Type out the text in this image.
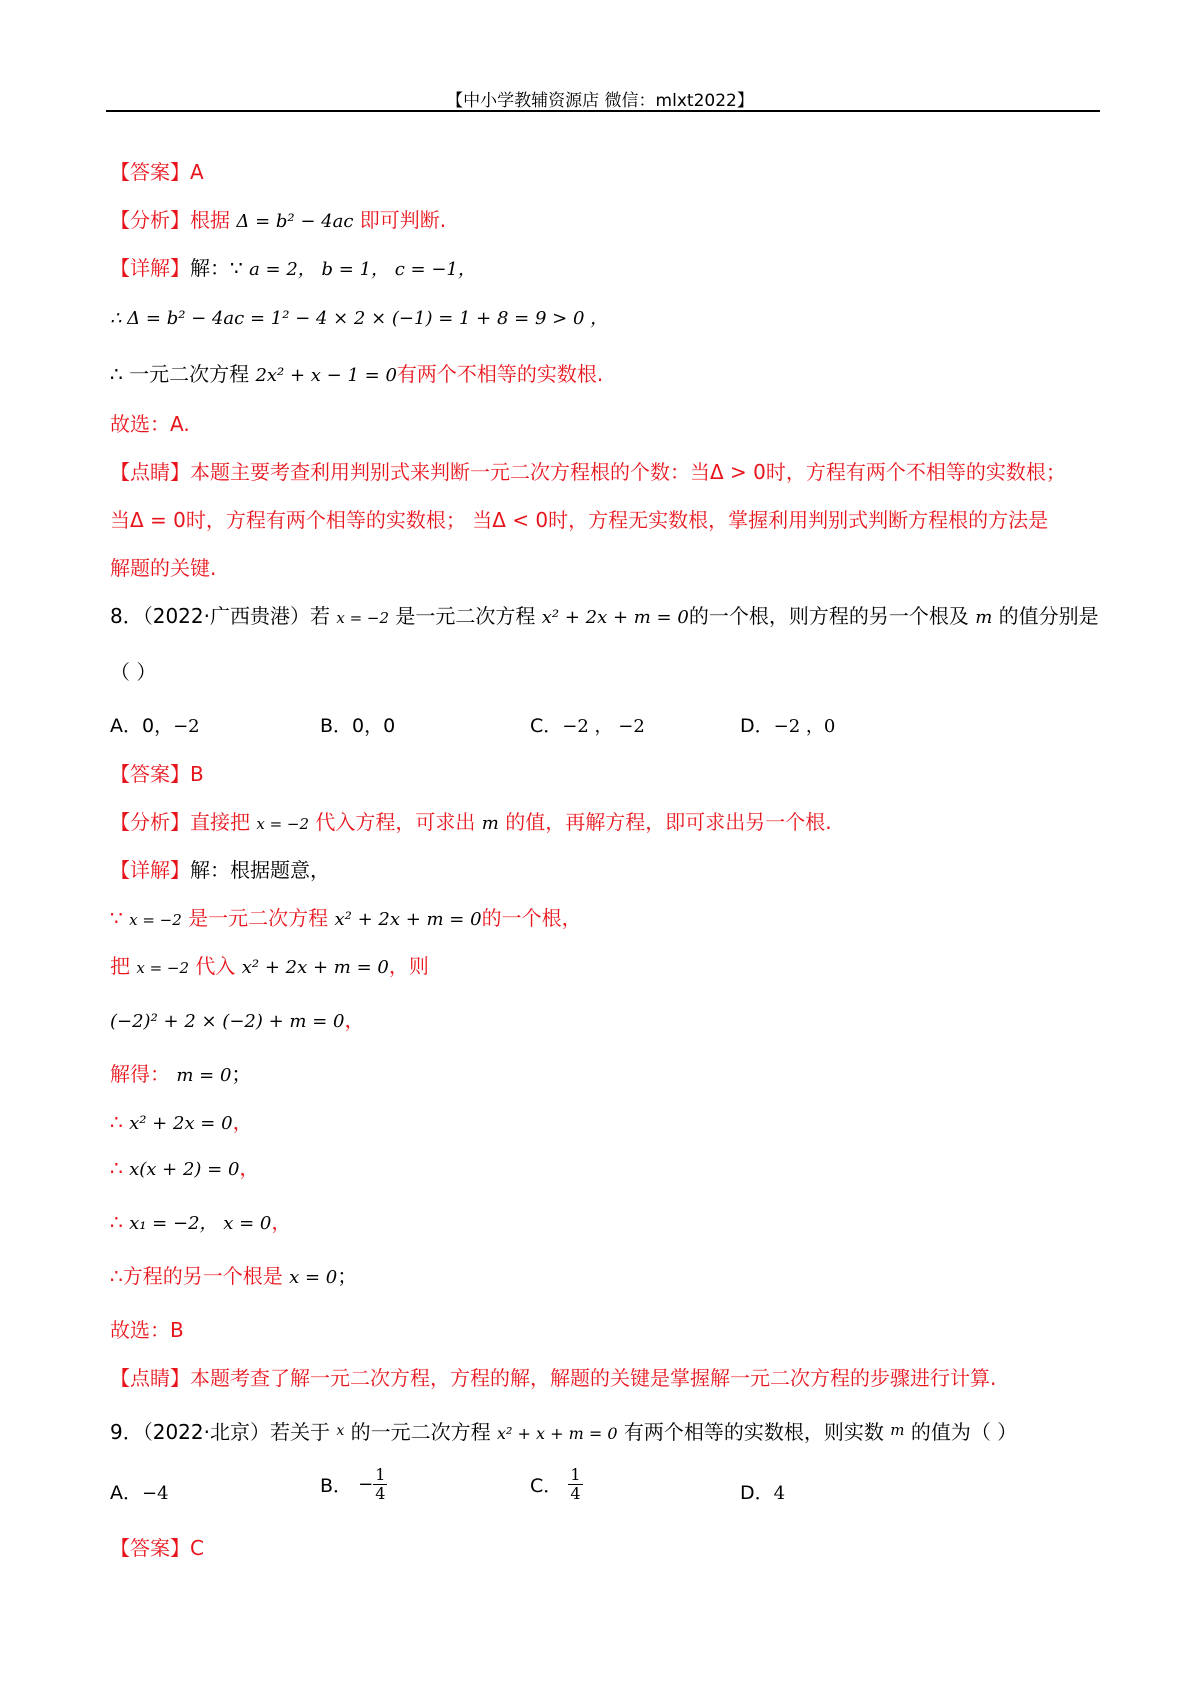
【中小学教辅资源店 微信：mlxt2022】
【答案】A
【分析】根据 Δ = b² − 4ac 即可判断.
【详解】解：∵ a = 2， b = 1， c = −1，
∴ Δ = b² − 4ac = 1² − 4 × 2 × (−1) = 1 + 8 = 9 > 0 ，
∴ 一元二次方程 2x² + x − 1 = 0有两个不相等的实数根.
故选：A.
【点睛】本题主要考查利用判别式来判断一元二次方程根的个数：当Δ > 0时，方程有两个不相等的实数根；
当Δ = 0时，方程有两个相等的实数根； 当Δ < 0时，方程无实数根，掌握利用判别式判断方程根的方法是
解题的关键.
8．（2022·广西贵港）若 x = −2 是一元二次方程 x² + 2x + m = 0的一个根，则方程的另一个根及 m 的值分别是
（ ）
A．0，−2	B．0，0	C．−2 ， −2	D．−2 ，0
【答案】B
【分析】直接把 x = −2 代入方程，可求出 m 的值，再解方程，即可求出另一个根.
【详解】解：根据题意，
∵ x = −2 是一元二次方程 x² + 2x + m = 0的一个根，
把 x = −2 代入 x² + 2x + m = 0，则
(−2)² + 2 × (−2) + m = 0，
解得： m = 0；
∴ x² + 2x = 0，
∴ x(x + 2) = 0，
∴ x₁ = −2， x = 0，
∴方程的另一个根是 x = 0；
故选：B
【点睛】本题考查了解一元二次方程，方程的解，解题的关键是掌握解一元二次方程的步骤进行计算.
9．（2022·北京）若关于 $^x$ 的一元二次方程 x² + x + m = 0 有两个相等的实数根，则实数 $^m$ 的值为（ ）
A．−4	B． − $\frac{1}{4}$	C． $\frac{1}{4}$	D．4
【答案】C
